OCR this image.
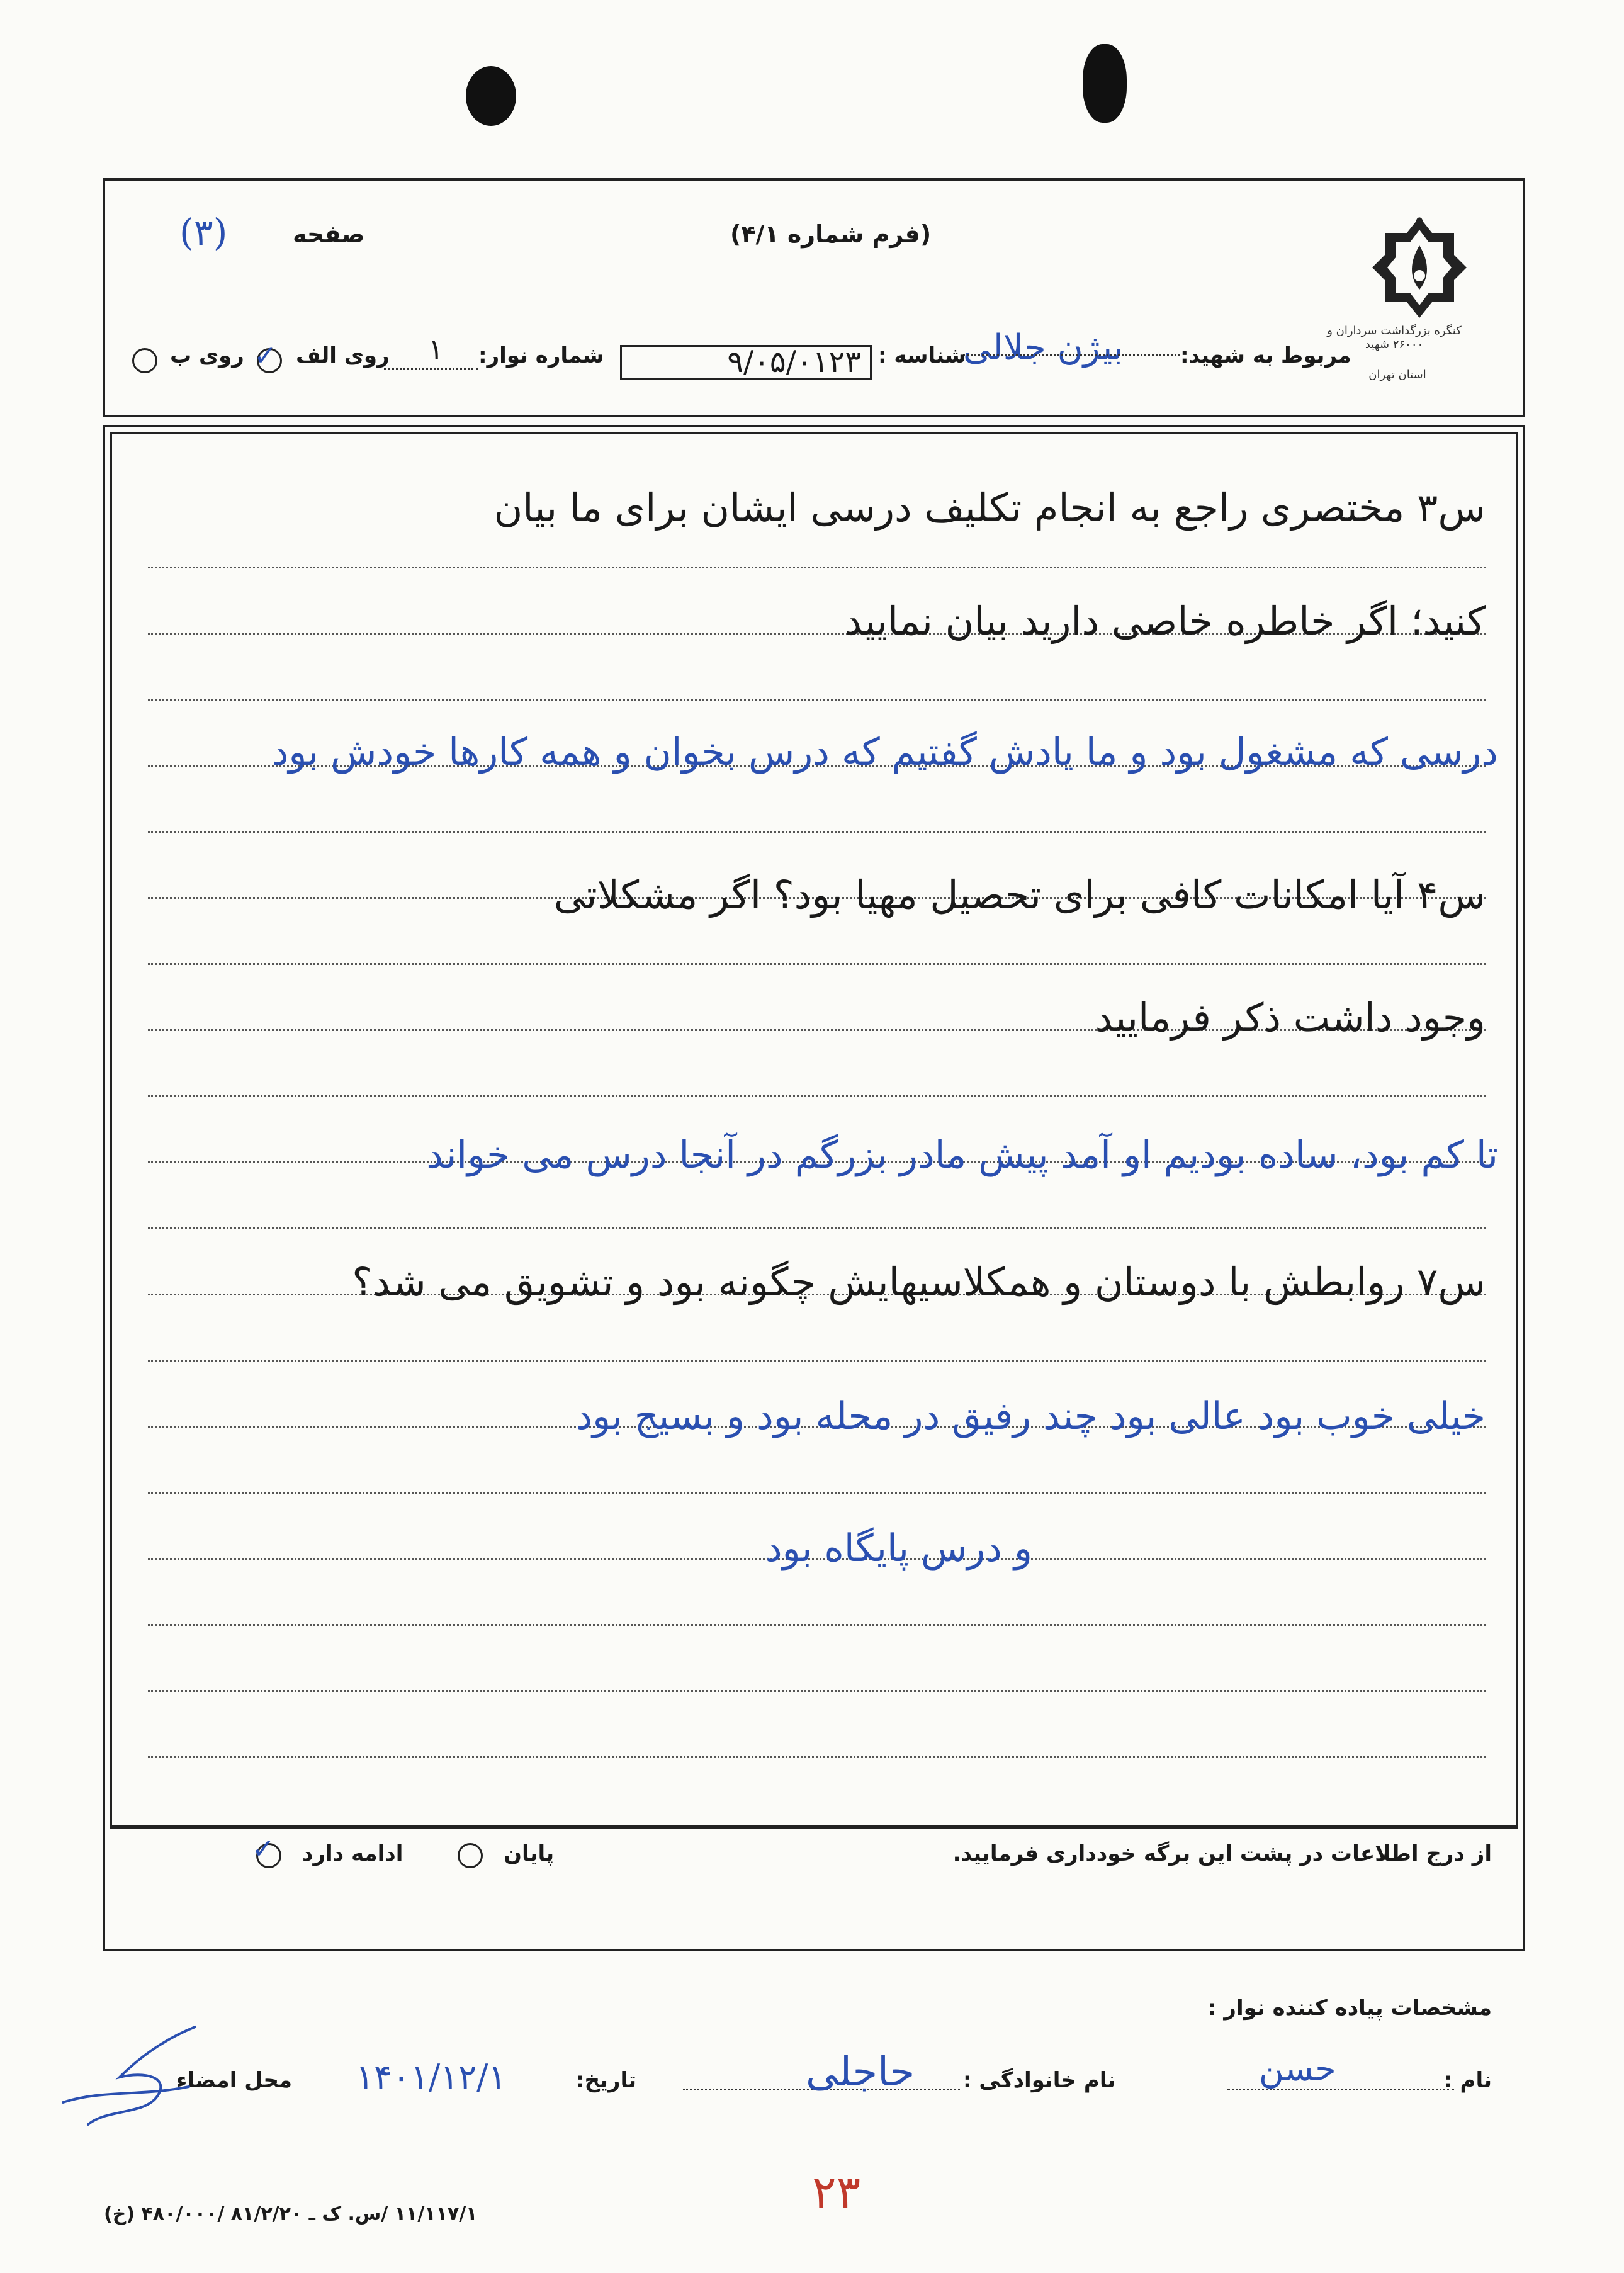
کنگره بزرگداشت سرداران و ۲۶۰۰۰ شهید
استان تهران
(فرم شماره ۴/۱)
صفحه
(۳)
مربوط به شهید:
بیژن جلالی
شناسه :
۹/۰۵/۰۱۲۳
شماره نوار:
۱
روی الف
✓
روی ب
س۳ مختصری راجع به انجام تکلیف درسی ایشان برای ما بیان
کنید؛ اگر خاطره خاصی دارید بیان نمایید
درسی که مشغول بود و ما یادش گفتیم که درس بخوان و همه کارها خودش بود
س۴ آیا امکانات کافی برای تحصیل مهیا بود؟ اگر مشکلاتی
وجود داشت ذکر فرمایید
تا کم بود، ساده بودیم او آمد پیش مادر بزرگم در آنجا درس می خواند
س۷ روابطش با دوستان و همکلاسیهایش چگونه بود و تشویق می شد؟
خیلی خوب بود عالی بود چند رفیق در محله بود و بسیج بود
و درس پایگاه بود
از درج اطلاعات در پشت این برگه خودداری فرمایید.
پایان
ادامه دارد
✓
مشخصات پیاده کننده نوار :
نام :
حسن
نام خانوادگی :
حاجلی
تاریخ:
۱۴۰۱/۱۲/۱
محل امضاء
۱۱/۱۱۷/۱ /س. ک ـ ۸۱/۲/۲۰ /۴۸۰/۰۰۰ (خ)	۲۳
